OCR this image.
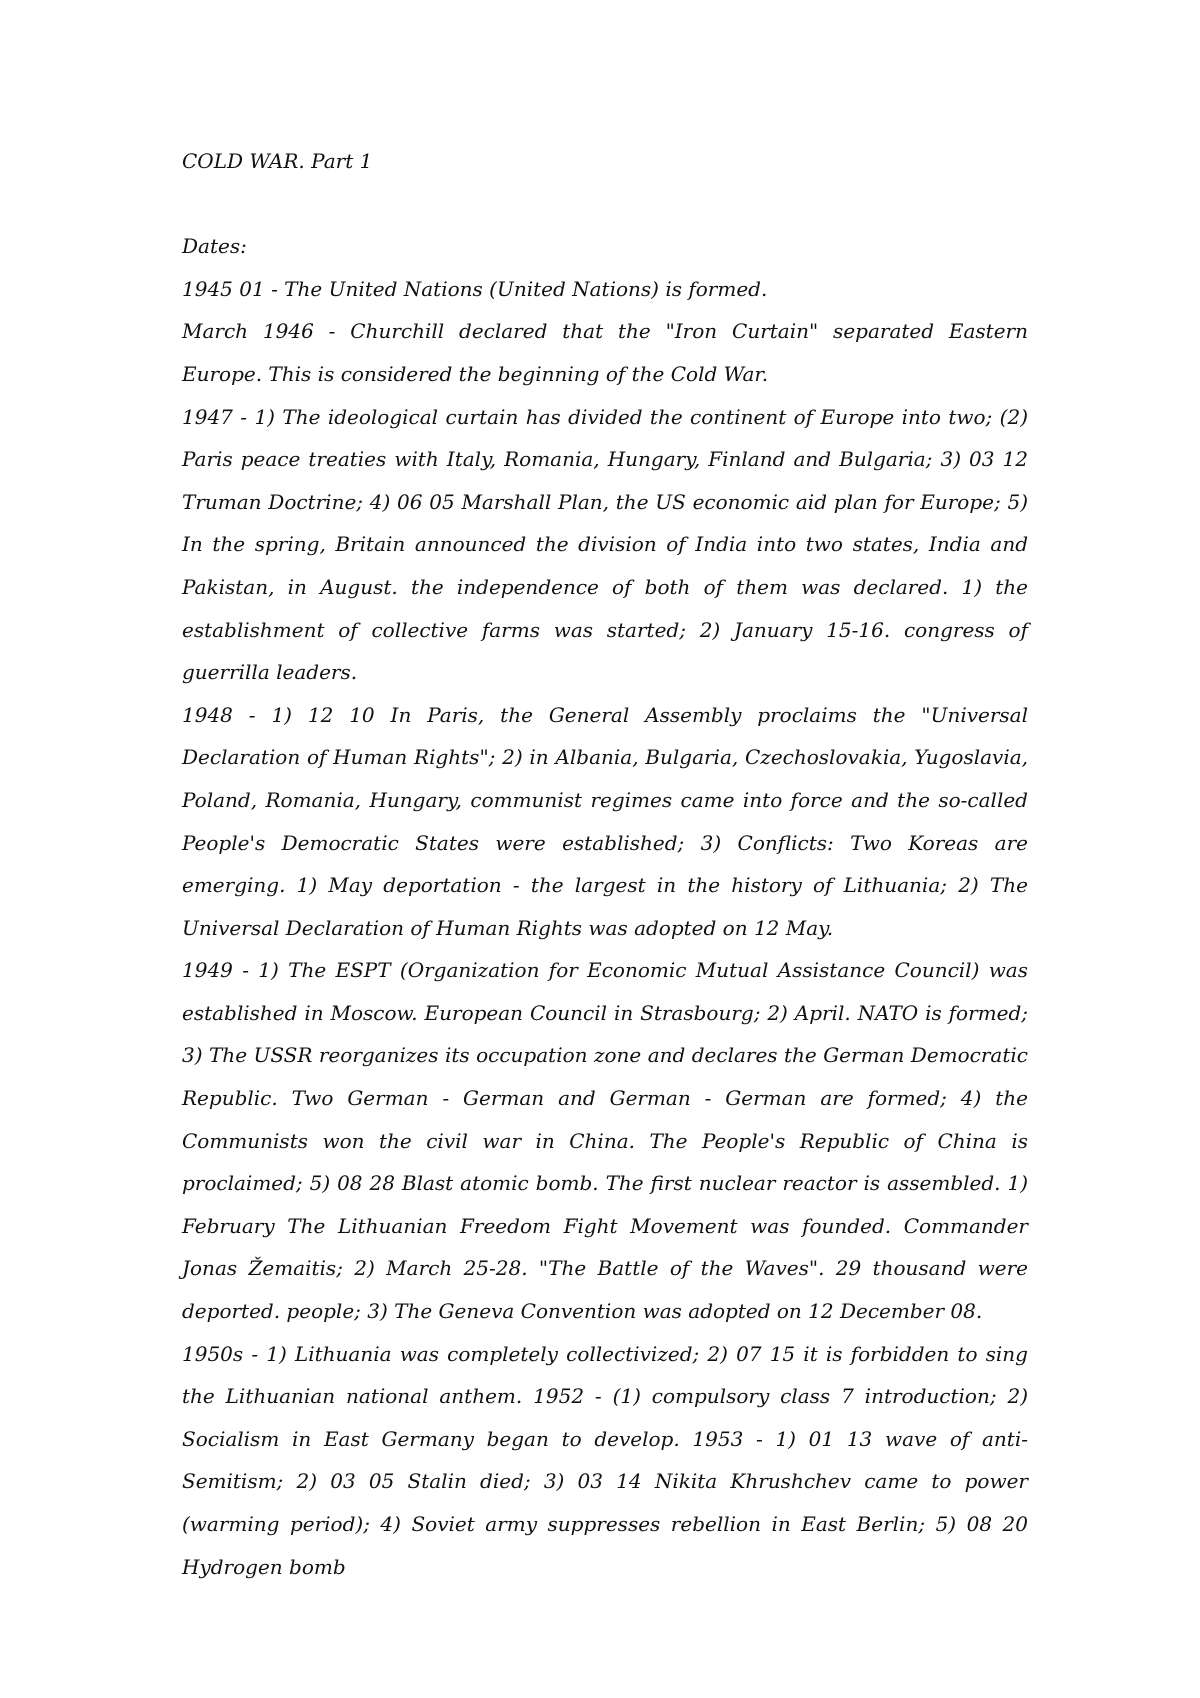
COLD WAR. Part 1

Dates:

1945 01 - The United Nations (United Nations) is formed.

March 1946 - Churchill declared that the "Iron Curtain" separated Eastern Europe. This is considered the beginning of the Cold War.

1947 - 1) The ideological curtain has divided the continent of Europe into two; (2) Paris peace treaties with Italy, Romania, Hungary, Finland and Bulgaria; 3) 03 12 Truman Doctrine; 4) 06 05 Marshall Plan, the US economic aid plan for Europe; 5) In the spring, Britain announced the division of India into two states, India and Pakistan, in August. the independence of both of them was declared. 1) the establishment of collective farms was started; 2) January 15-16. congress of guerrilla leaders.

1948 - 1) 12 10 In Paris, the General Assembly proclaims the "Universal Declaration of Human Rights"; 2) in Albania, Bulgaria, Czechoslovakia, Yugoslavia, Poland, Romania, Hungary, communist regimes came into force and the so-called People's Democratic States were established; 3) Conflicts: Two Koreas are emerging. 1) May deportation - the largest in the history of Lithuania; 2) The Universal Declaration of Human Rights was adopted on 12 May.

1949 - 1) The ESPT (Organization for Economic Mutual Assistance Council) was established in Moscow. European Council in Strasbourg; 2) April. NATO is formed; 3) The USSR reorganizes its occupation zone and declares the German Democratic Republic. Two German - German and German - German are formed; 4) the Communists won the civil war in China. The People's Republic of China is proclaimed; 5) 08 28 Blast atomic bomb. The first nuclear reactor is assembled. 1) February The Lithuanian Freedom Fight Movement was founded. Commander Jonas Žemaitis; 2) March 25-28. "The Battle of the Waves". 29 thousand were deported. people; 3) The Geneva Convention was adopted on 12 December 08.

1950s - 1) Lithuania was completely collectivized; 2) 07 15 it is forbidden to sing the Lithuanian national anthem. 1952 - (1) compulsory class 7 introduction; 2) Socialism in East Germany began to develop. 1953 - 1) 01 13 wave of anti-Semitism; 2) 03 05 Stalin died; 3) 03 14 Nikita Khrushchev came to power (warming period); 4) Soviet army suppresses rebellion in East Berlin; 5) 08 20 Hydrogen bomb
